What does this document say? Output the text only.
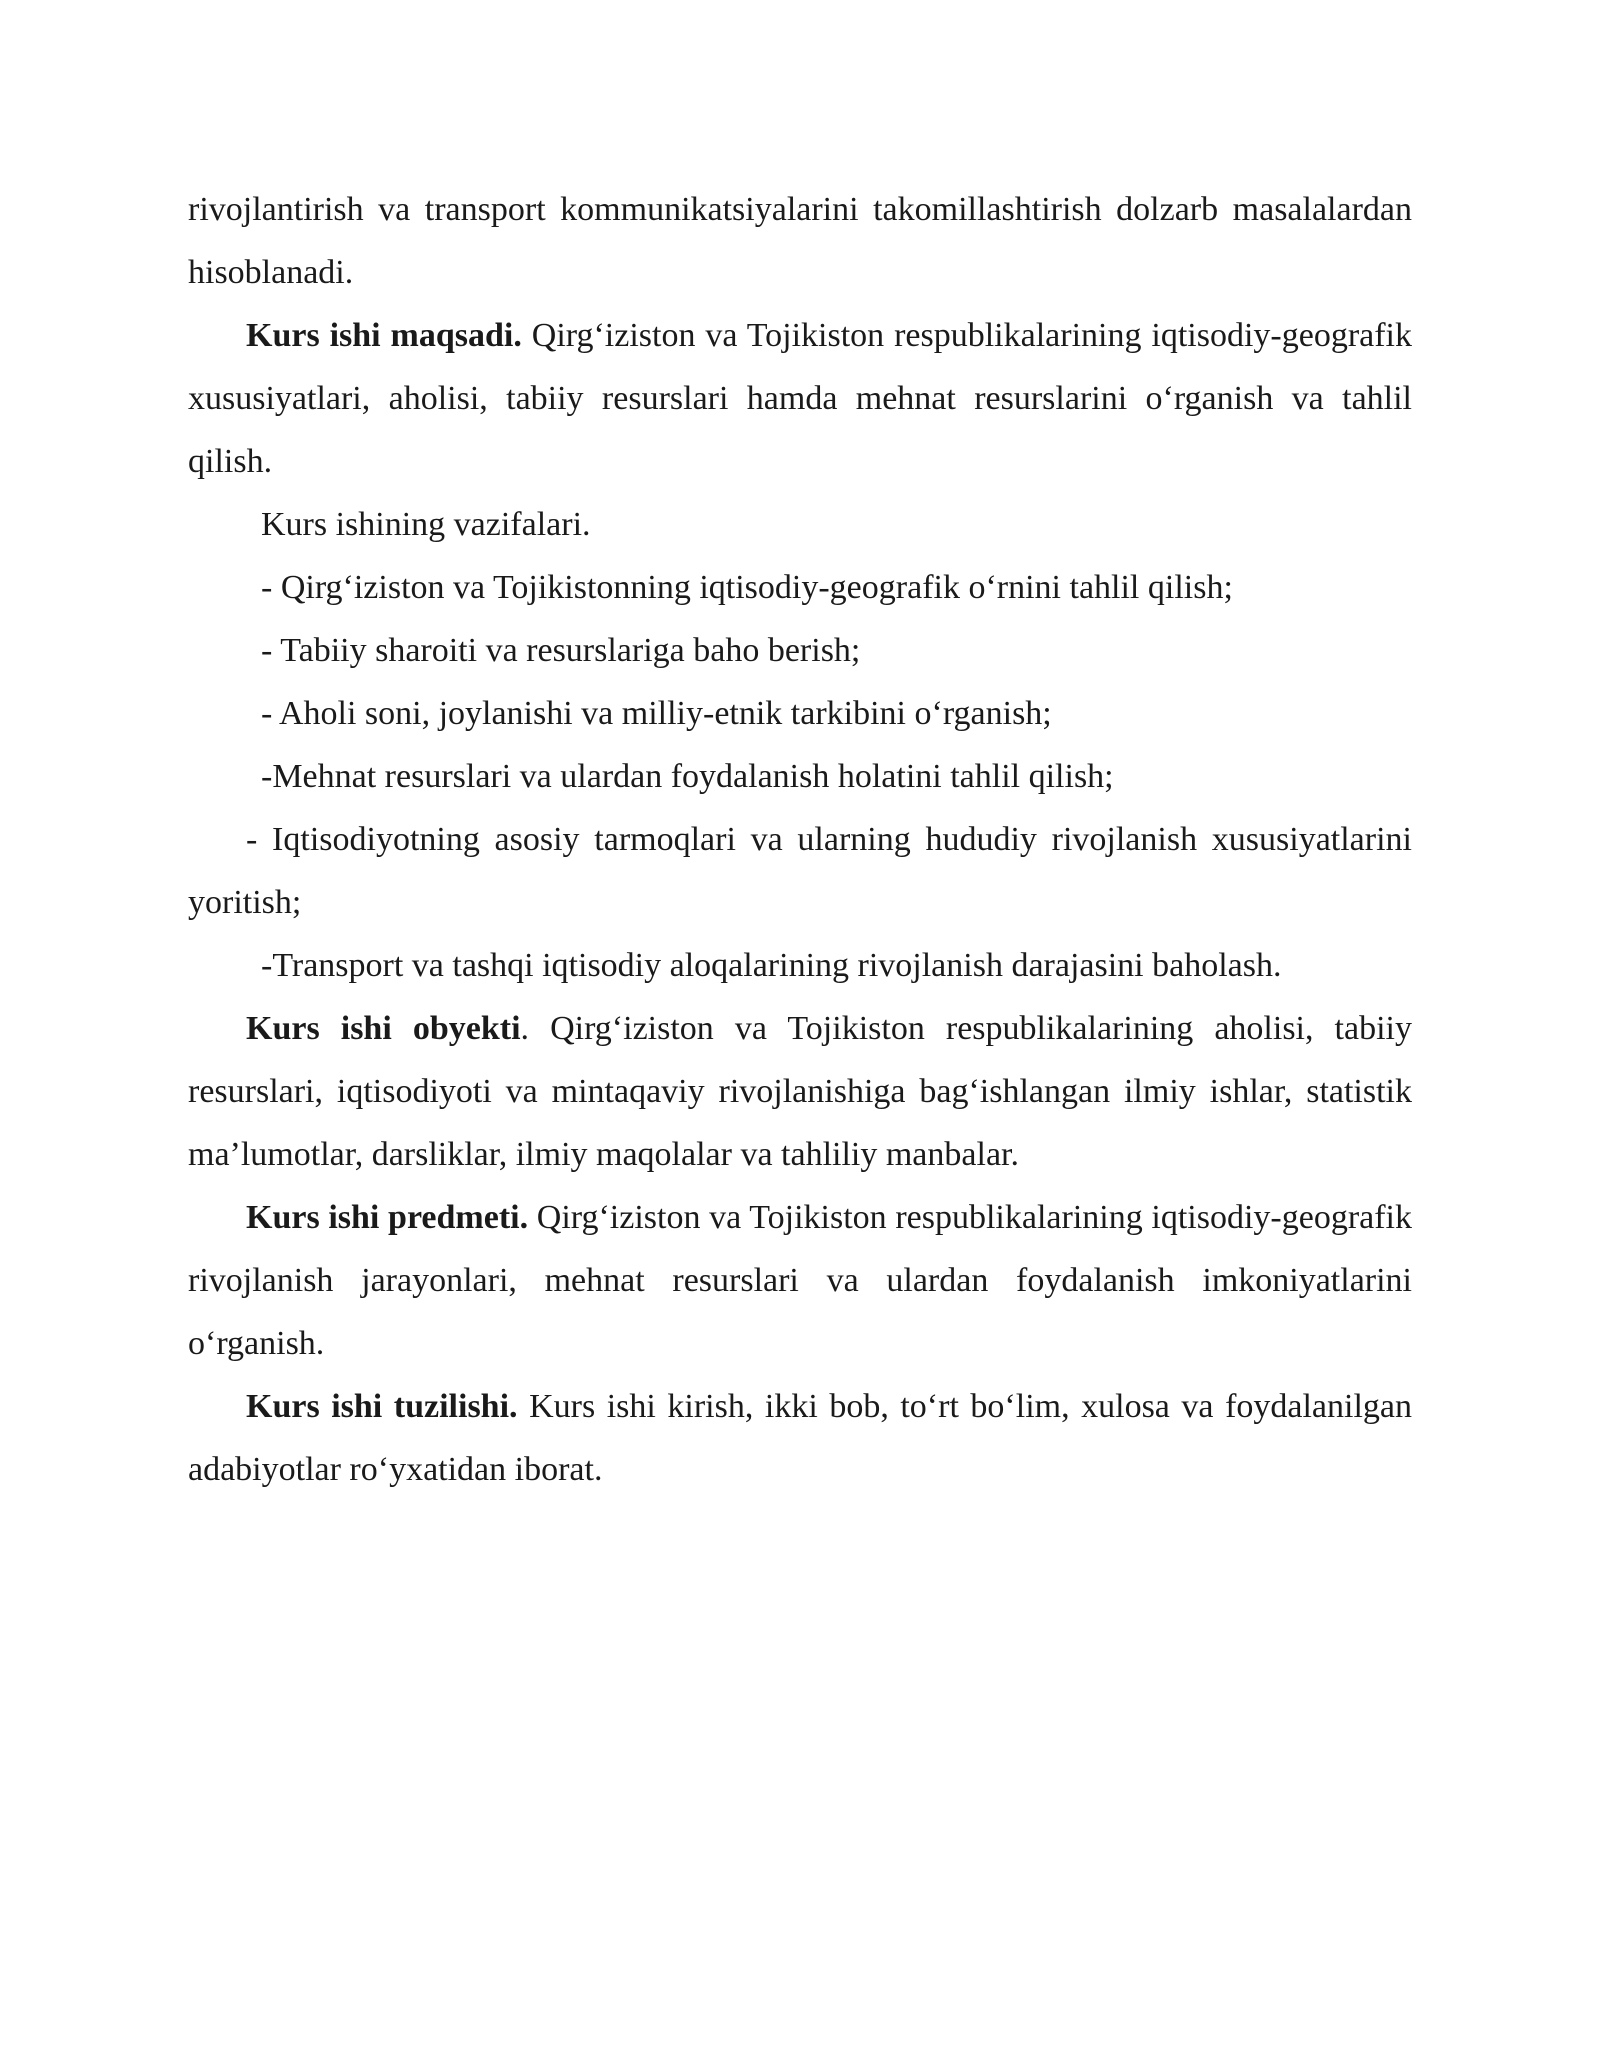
rivojlantirish va transport kommunikatsiyalarini takomillashtirish dolzarb masalalardan hisoblanadi.

Kurs ishi maqsadi. Qirg‘iziston va Tojikiston respublikalarining iqtisodiy-geografik xususiyatlari, aholisi, tabiiy resurslari hamda mehnat resurslarini o‘rganish va tahlil qilish.

Kurs ishining vazifalari.

- Qirg‘iziston va Tojikistonning iqtisodiy-geografik o‘rnini tahlil qilish;

- Tabiiy sharoiti va resurslariga baho berish;

- Aholi soni, joylanishi va milliy-etnik tarkibini o‘rganish;

-Mehnat resurslari va ulardan foydalanish holatini tahlil qilish;

- Iqtisodiyotning asosiy tarmoqlari va ularning hududiy rivojlanish xususiyatlarini yoritish;

-Transport va tashqi iqtisodiy aloqalarining rivojlanish darajasini baholash.

Kurs ishi obyekti. Qirg‘iziston va Tojikiston respublikalarining aholisi, tabiiy resurslari, iqtisodiyoti va mintaqaviy rivojlanishiga bag‘ishlangan ilmiy ishlar, statistik ma’lumotlar, darsliklar, ilmiy maqolalar va tahliliy manbalar.

Kurs ishi predmeti. Qirg‘iziston va Tojikiston respublikalarining iqtisodiy-geografik rivojlanish jarayonlari, mehnat resurslari va ulardan foydalanish imkoniyatlarini o‘rganish.

Kurs ishi tuzilishi. Kurs ishi kirish, ikki bob, to‘rt bo‘lim, xulosa va foydalanilgan adabiyotlar ro‘yxatidan iborat.
